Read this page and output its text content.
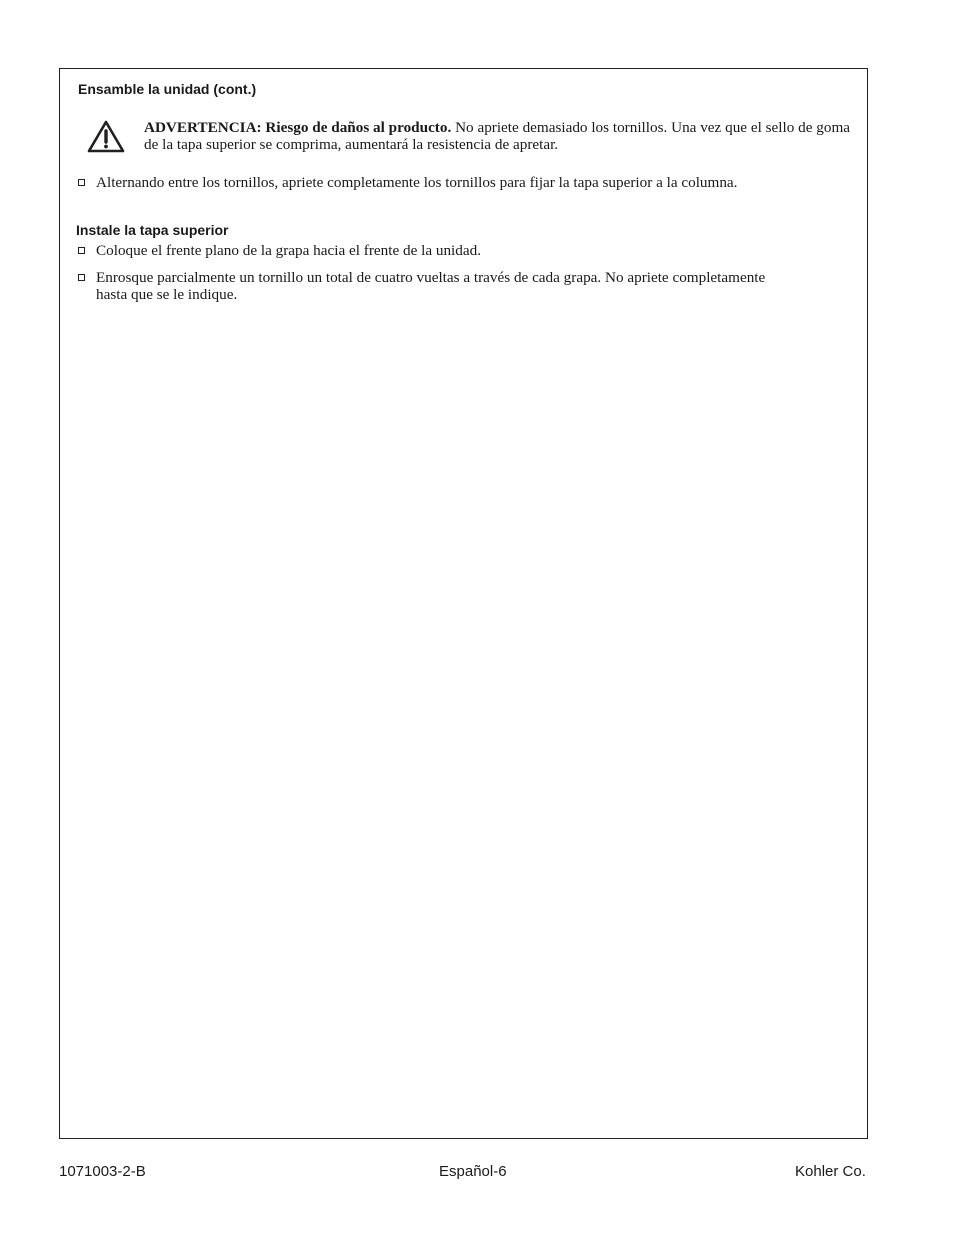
Ensamble la unidad (cont.)
ADVERTENCIA: Riesgo de daños al producto. No apriete demasiado los tornillos. Una vez que el sello de goma de la tapa superior se comprima, aumentará la resistencia de apretar.

Alternando entre los tornillos, apriete completamente los tornillos para fijar la tapa superior a la columna.

Instale la tapa superior

Coloque el frente plano de la grapa hacia el frente de la unidad.

Enrosque parcialmente un tornillo un total de cuatro vueltas a través de cada grapa. No apriete completamente hasta que se le indique.

1071003-2-B	Español-6	Kohler Co.
